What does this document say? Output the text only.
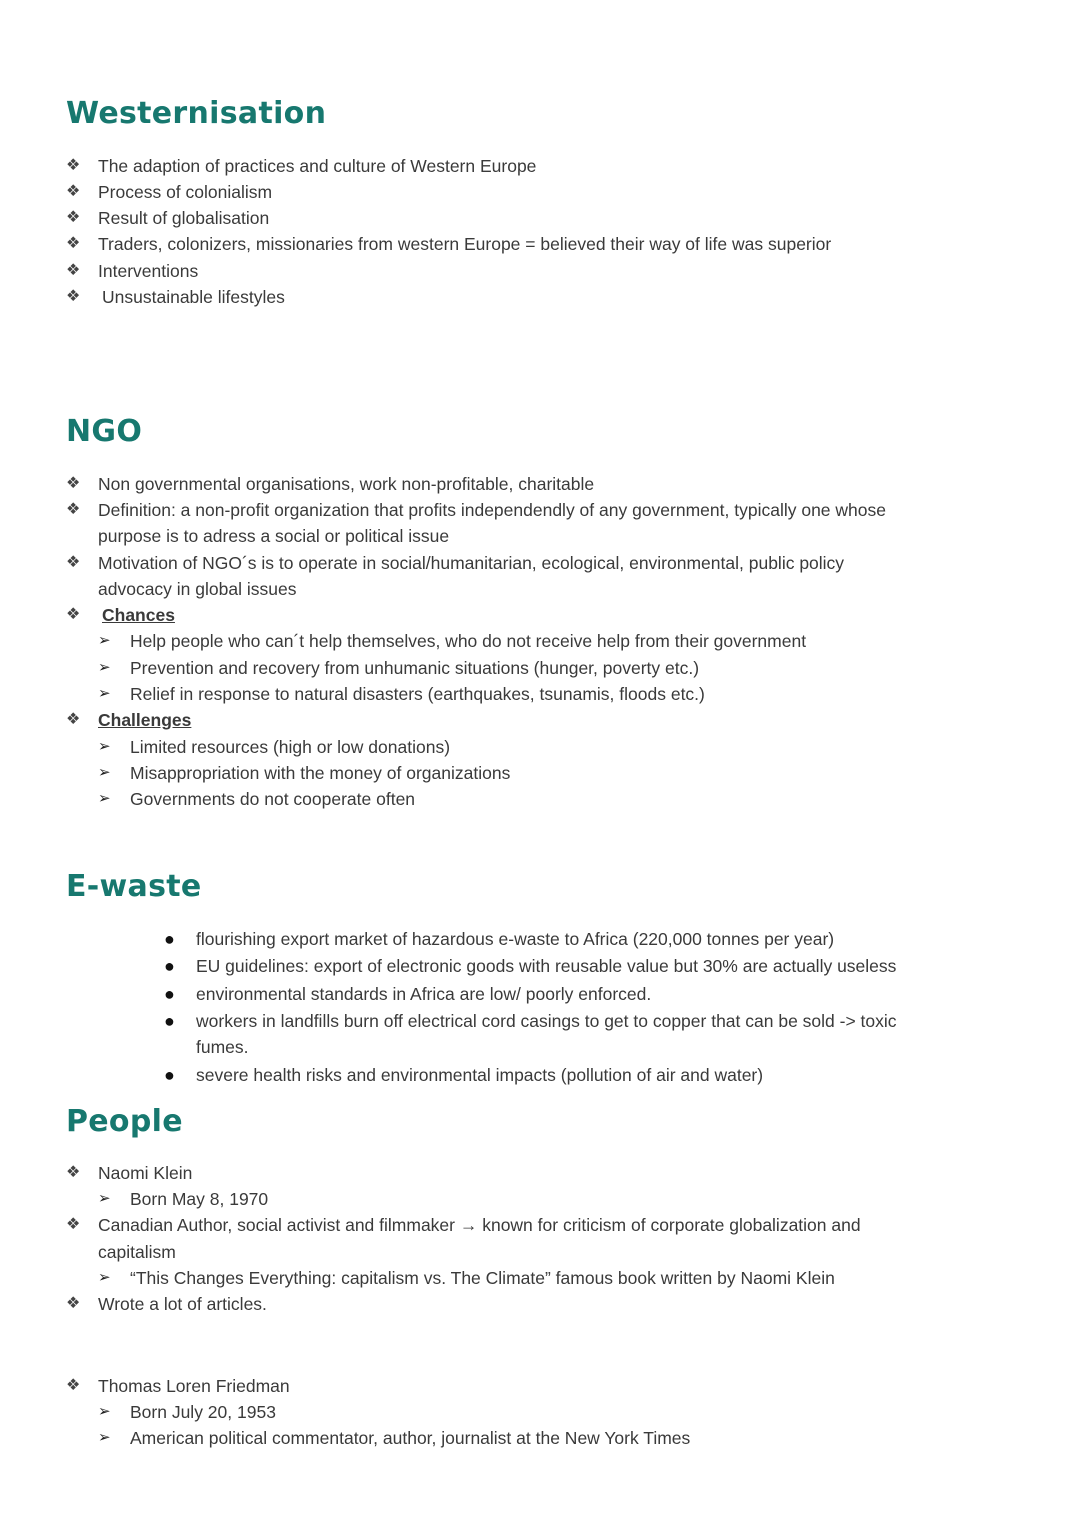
Westernisation
❖ The adaption of practices and culture of Western Europe
❖ Process of colonialism
❖ Result of globalisation
❖ Traders, colonizers, missionaries from western Europe = believed their way of life was superior
❖ Interventions
❖ Unsustainable lifestyles
NGO
❖ Non governmental organisations, work non-profitable, charitable
❖ Definition: a non-profit organization that profits independendly of any government, typically one whose
purpose is to adress a social or political issue
❖ Motivation of NGO´s is to operate in social/humanitarian, ecological, environmental, public policy
advocacy in global issues
❖ Chances
➢ Help people who can´t help themselves, who do not receive help from their government
➢ Prevention and recovery from unhumanic situations (hunger, poverty etc.)
➢ Relief in response to natural disasters (earthquakes, tsunamis, floods etc.)
❖ Challenges
➢ Limited resources (high or low donations)
➢ Misappropriation with the money of organizations
➢ Governments do not cooperate often
E-waste
● flourishing export market of hazardous e-waste to Africa (220,000 tonnes per year)
● EU guidelines: export of electronic goods with reusable value but 30% are actually useless
● environmental standards in Africa are low/ poorly enforced.
● workers in landfills burn off electrical cord casings to get to copper that can be sold -> toxic
fumes.
● severe health risks and environmental impacts (pollution of air and water)
People
❖ Naomi Klein
➢ Born May 8, 1970
❖ Canadian Author, social activist and filmmaker → known for criticism of corporate globalization and
capitalism
➢ “This Changes Everything: capitalism vs. The Climate” famous book written by Naomi Klein
❖ Wrote a lot of articles.
❖ Thomas Loren Friedman
➢ Born July 20, 1953
➢ American political commentator, author, journalist at the New York Times
